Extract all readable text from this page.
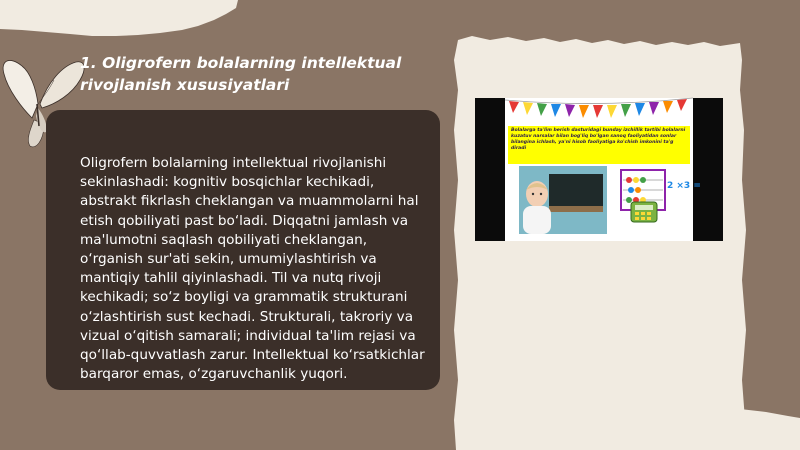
1. Oligrofern bolalarning intellektual
rivojlanish xususiyatlari

Oligrofern bolalarning intellektual rivojlanishi sekinlashadi: kognitiv bosqichlar kechikadi, abstrakt fikrlash cheklangan va muammolarni hal etish qobiliyati past bo‘ladi. Diqqatni jamlash va ma'lumotni saqlash qobiliyati cheklangan, o‘rganish sur'ati sekin, umumiylashtirish va mantiqiy tahlil qiyinlashadi. Til va nutq rivoji kechikadi; so‘z boyligi va grammatik strukturani o‘zlashtirish sust kechadi. Strukturali, takroriy va vizual o‘qitish samarali; individual ta'lim rejasi va qo‘llab-quvvatlash zarur. Intellektual ko‘rsatkichlar barqaror emas, o‘zgaruvchanlik yuqori.

2 ×3 =

Bolalarga ta'lim berish dasturidagi bunday izchillik tartibi bolalarni kuzatuv narsalar bilan bog'liq bo'lgan sanoq faoliyatidan sonlar bilangina ichlash, ya'ni hisob faoliyatiga ko'chish imkonini ta'g diradi
